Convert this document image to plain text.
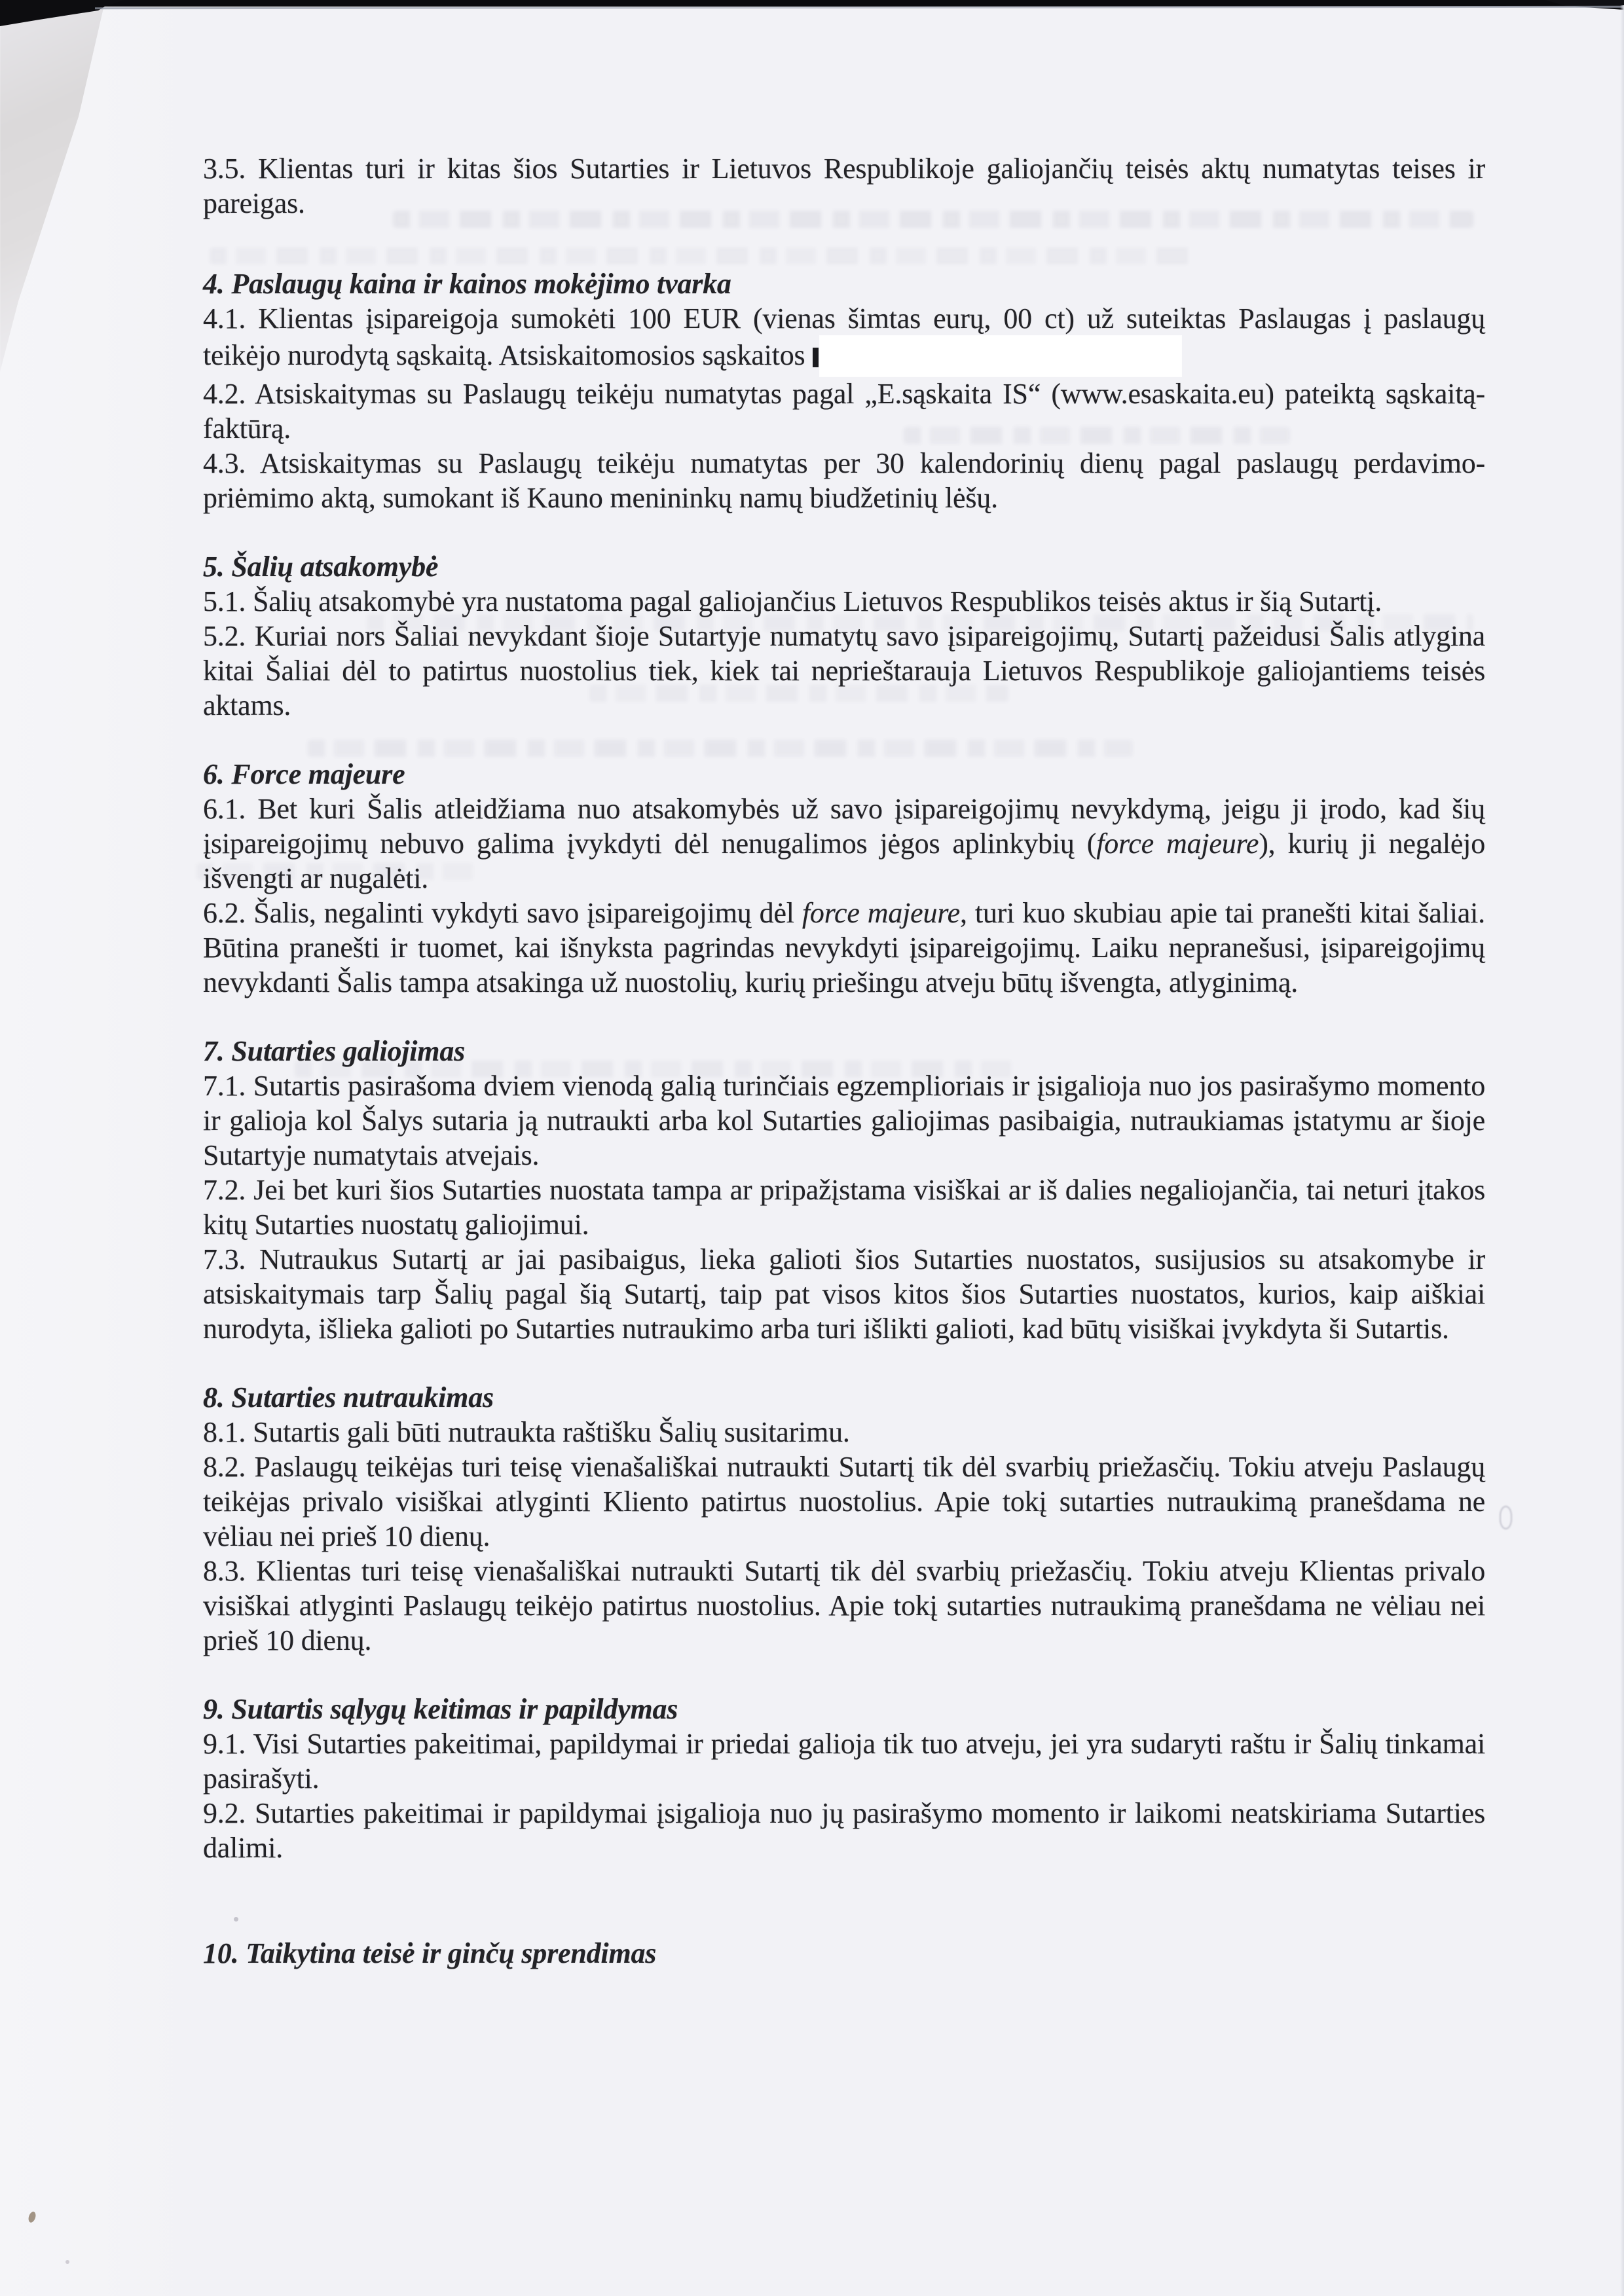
3.5. Klientas turi ir kitas šios Sutarties ir Lietuvos Respublikoje galiojančių teisės aktų numatytas teises ir pareigas.

4. Paslaugų kaina ir kainos mokėjimo tvarka

4.1. Klientas įsipareigoja sumokėti 100 EUR (vienas šimtas eurų, 00 ct) už suteiktas Paslaugas į paslaugų teikėjo nurodytą sąskaitą. Atsiskaitomosios sąskaitos

4.2. Atsiskaitymas su Paslaugų teikėju numatytas pagal „E.sąskaita IS“ (www.esaskaita.eu) pateiktą sąskaitą-faktūrą.

4.3. Atsiskaitymas su Paslaugų teikėju numatytas per 30 kalendorinių dienų pagal paslaugų perdavimo-priėmimo aktą, sumokant iš Kauno menininkų namų biudžetinių lėšų.

5. Šalių atsakomybė

5.1. Šalių atsakomybė yra nustatoma pagal galiojančius Lietuvos Respublikos teisės aktus ir šią Sutartį.

5.2. Kuriai nors Šaliai nevykdant šioje Sutartyje numatytų savo įsipareigojimų, Sutartį pažeidusi Šalis atlygina kitai Šaliai dėl to patirtus nuostolius tiek, kiek tai neprieštarauja Lietuvos Respublikoje galiojantiems teisės aktams.

6. Force majeure

6.1. Bet kuri Šalis atleidžiama nuo atsakomybės už savo įsipareigojimų nevykdymą, jeigu ji įrodo, kad šių įsipareigojimų nebuvo galima įvykdyti dėl nenugalimos jėgos aplinkybių (force majeure), kurių ji negalėjo išvengti ar nugalėti.

6.2. Šalis, negalinti vykdyti savo įsipareigojimų dėl force majeure, turi kuo skubiau apie tai pranešti kitai šaliai. Būtina pranešti ir tuomet, kai išnyksta pagrindas nevykdyti įsipareigojimų. Laiku nepranešusi, įsipareigojimų nevykdanti Šalis tampa atsakinga už nuostolių, kurių priešingu atveju būtų išvengta, atlyginimą.

7. Sutarties galiojimas

7.1. Sutartis pasirašoma dviem vienodą galią turinčiais egzemplioriais ir įsigalioja nuo jos pasirašymo momento ir galioja kol Šalys sutaria ją nutraukti arba kol Sutarties galiojimas pasibaigia, nutraukiamas įstatymu ar šioje Sutartyje numatytais atvejais.

7.2. Jei bet kuri šios Sutarties nuostata tampa ar pripažįstama visiškai ar iš dalies negaliojančia, tai neturi įtakos kitų Sutarties nuostatų galiojimui.

7.3. Nutraukus Sutartį ar jai pasibaigus, lieka galioti šios Sutarties nuostatos, susijusios su atsakomybe ir atsiskaitymais tarp Šalių pagal šią Sutartį, taip pat visos kitos šios Sutarties nuostatos, kurios, kaip aiškiai nurodyta, išlieka galioti po Sutarties nutraukimo arba turi išlikti galioti, kad būtų visiškai įvykdyta ši Sutartis.

8. Sutarties nutraukimas

8.1. Sutartis gali būti nutraukta raštišku Šalių susitarimu.

8.2. Paslaugų teikėjas turi teisę vienašališkai nutraukti Sutartį tik dėl svarbių priežasčių. Tokiu atveju Paslaugų teikėjas privalo visiškai atlyginti Kliento patirtus nuostolius. Apie tokį sutarties nutraukimą pranešdama ne vėliau nei prieš 10 dienų.

8.3. Klientas turi teisę vienašališkai nutraukti Sutartį tik dėl svarbių priežasčių. Tokiu atveju Klientas privalo visiškai atlyginti Paslaugų teikėjo patirtus nuostolius. Apie tokį sutarties nutraukimą pranešdama ne vėliau nei prieš 10 dienų.

9. Sutartis sąlygų keitimas ir papildymas

9.1. Visi Sutarties pakeitimai, papildymai ir priedai galioja tik tuo atveju, jei yra sudaryti raštu ir Šalių tinkamai pasirašyti.

9.2. Sutarties pakeitimai ir papildymai įsigalioja nuo jų pasirašymo momento ir laikomi neatskiriama Sutarties dalimi.

10. Taikytina teisė ir ginčų sprendimas
